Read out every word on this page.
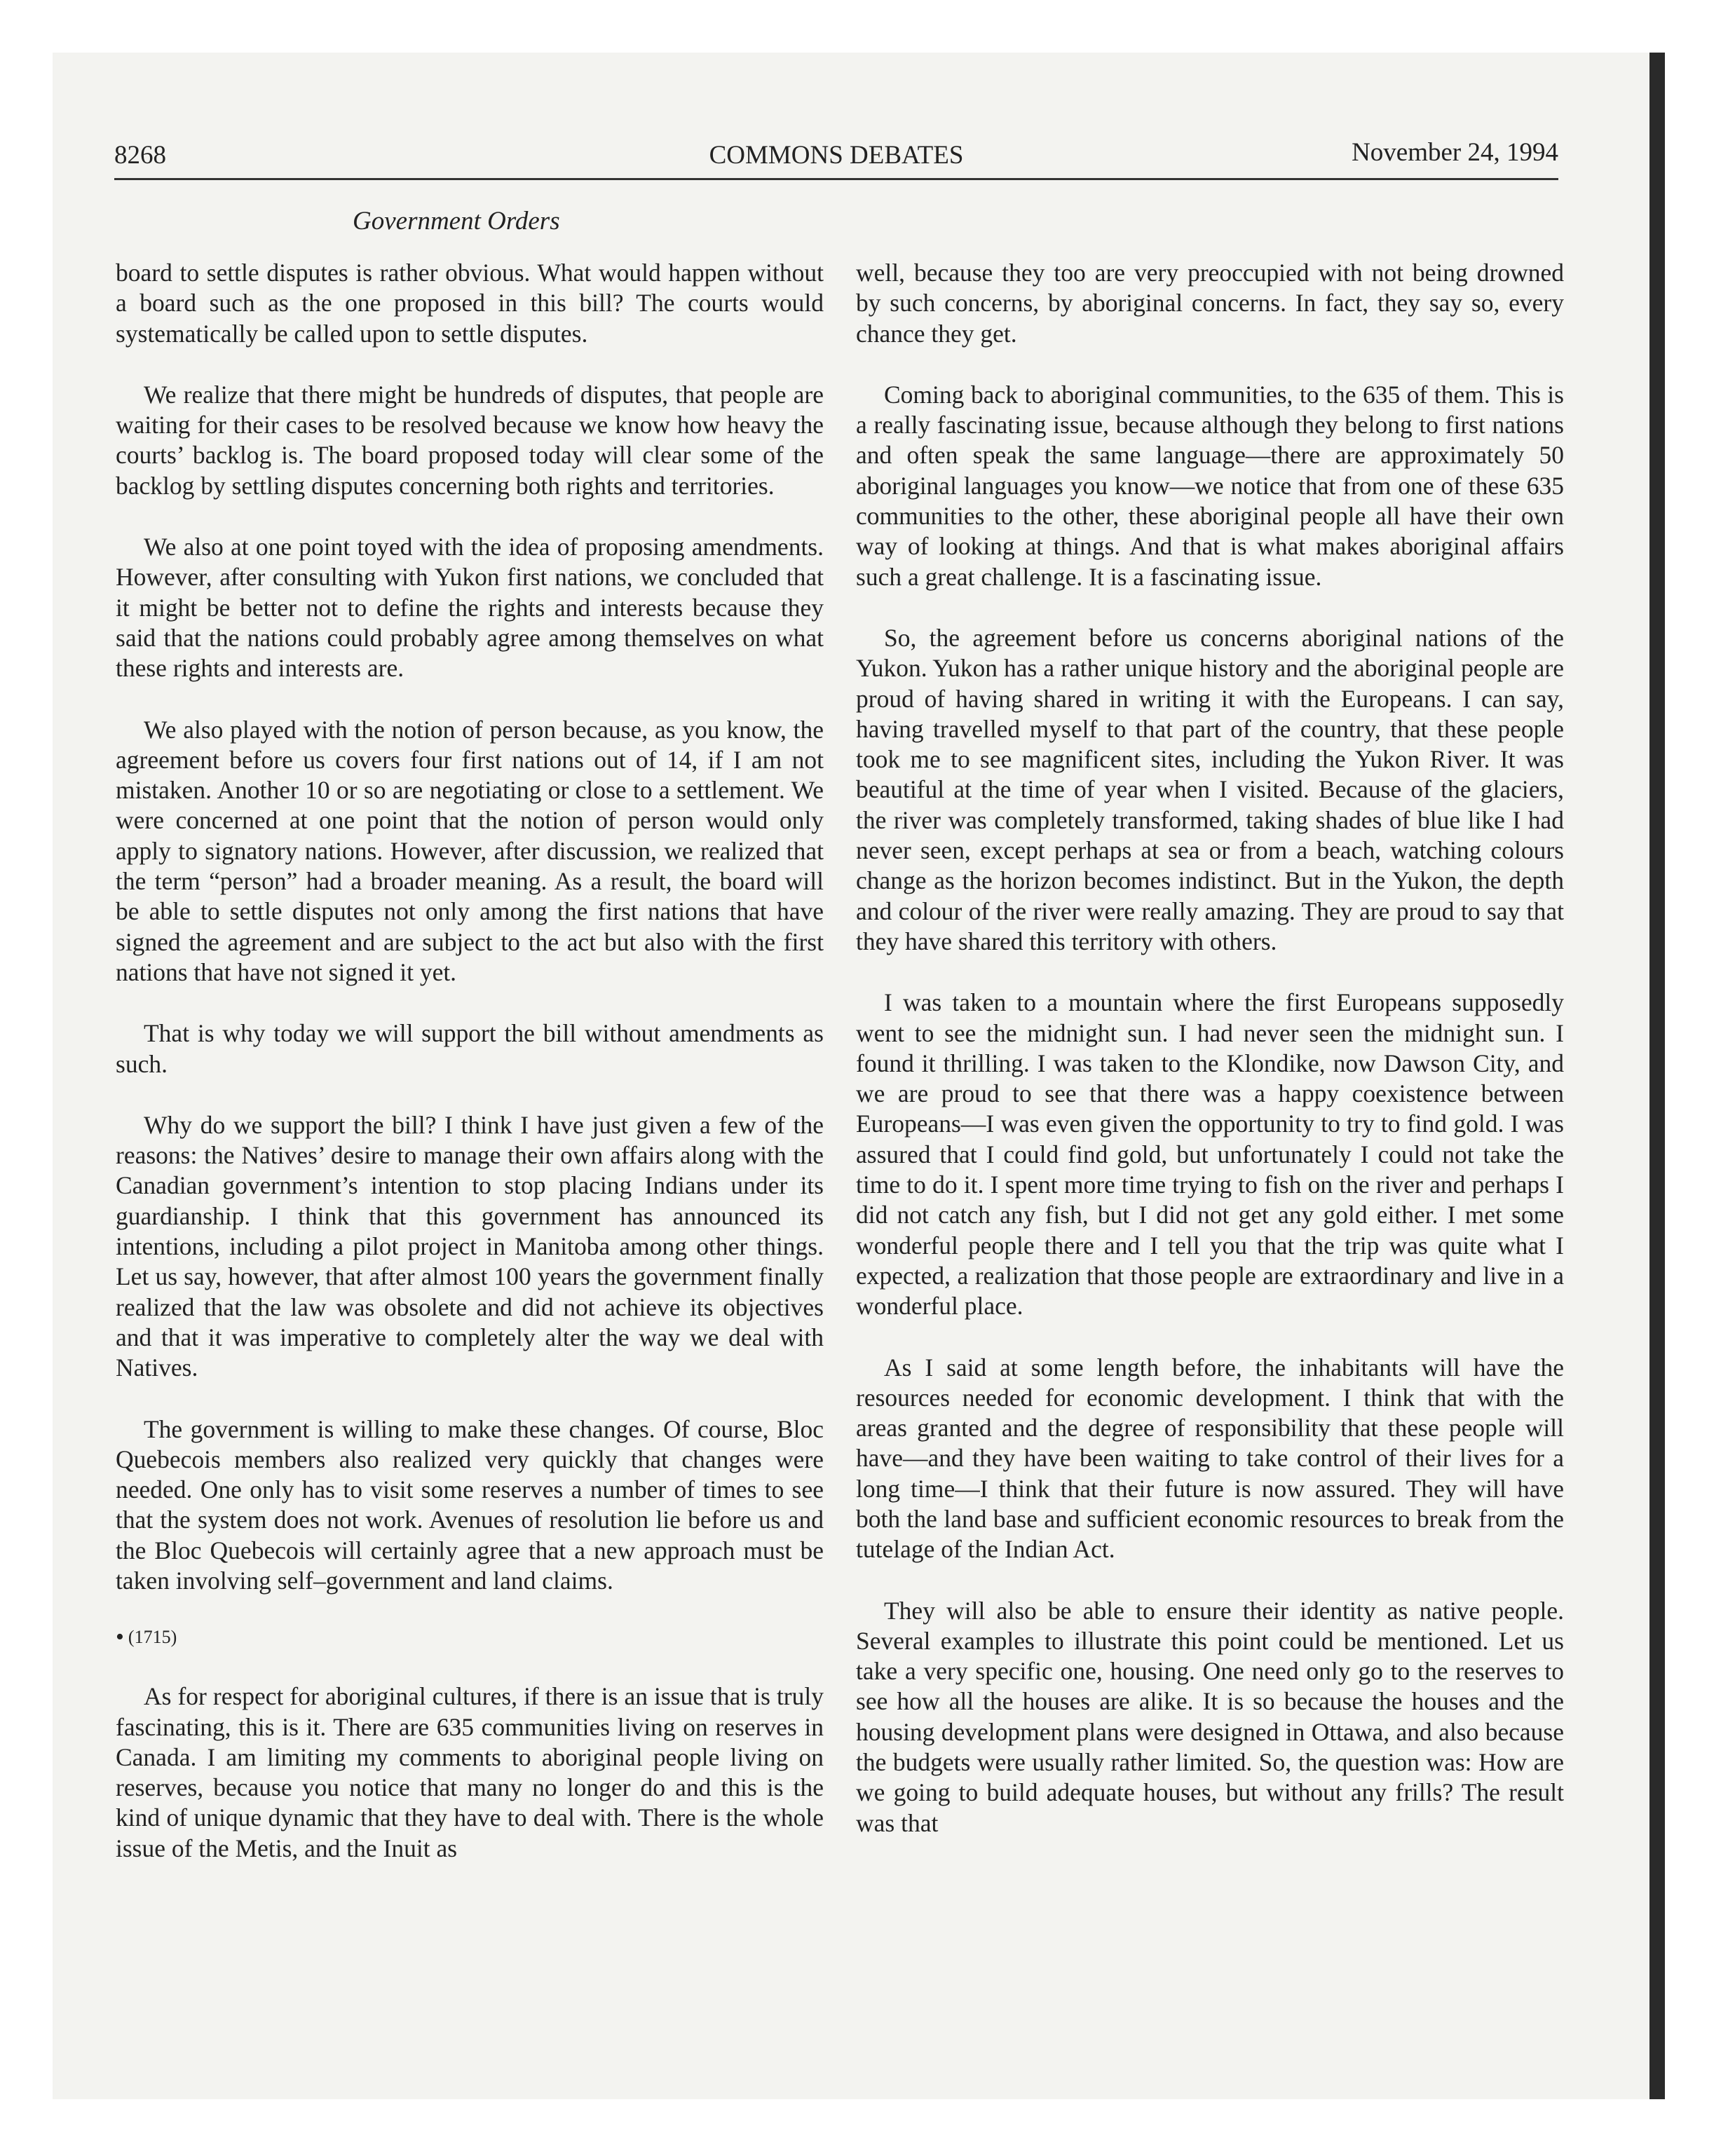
8268	COMMONS DEBATES	November 24, 1994
Government Orders

board to settle disputes is rather obvious. What would happen without a board such as the one proposed in this bill? The courts would systematically be called upon to settle disputes.

We realize that there might be hundreds of disputes, that people are waiting for their cases to be resolved because we know how heavy the courts’ backlog is. The board proposed today will clear some of the backlog by settling disputes concerning both rights and territories.

We also at one point toyed with the idea of proposing amendments. However, after consulting with Yukon first nations, we concluded that it might be better not to define the rights and interests because they said that the nations could probably agree among themselves on what these rights and interests are.

We also played with the notion of person because, as you know, the agreement before us covers four first nations out of 14, if I am not mistaken. Another 10 or so are negotiating or close to a settlement. We were concerned at one point that the notion of person would only apply to signatory nations. However, after discussion, we realized that the term “person” had a broader meaning. As a result, the board will be able to settle disputes not only among the first nations that have signed the agreement and are subject to the act but also with the first nations that have not signed it yet.

That is why today we will support the bill without amendments as such.

Why do we support the bill? I think I have just given a few of the reasons: the Natives’ desire to manage their own affairs along with the Canadian government’s intention to stop placing Indians under its guardianship. I think that this government has announced its intentions, including a pilot project in Manitoba among other things. Let us say, however, that after almost 100 years the government finally realized that the law was obsolete and did not achieve its objectives and that it was imperative to completely alter the way we deal with Natives.

The government is willing to make these changes. Of course, Bloc Quebecois members also realized very quickly that changes were needed. One only has to visit some reserves a number of times to see that the system does not work. Avenues of resolution lie before us and the Bloc Quebecois will certainly agree that a new approach must be taken involving self–government and land claims.

• (1715)

As for respect for aboriginal cultures, if there is an issue that is truly fascinating, this is it. There are 635 communities living on reserves in Canada. I am limiting my comments to aboriginal people living on reserves, because you notice that many no longer do and this is the kind of unique dynamic that they have to deal with. There is the whole issue of the Metis, and the Inuit as

well, because they too are very preoccupied with not being drowned by such concerns, by aboriginal concerns. In fact, they say so, every chance they get.

Coming back to aboriginal communities, to the 635 of them. This is a really fascinating issue, because although they belong to first nations and often speak the same language—there are approximately 50 aboriginal languages you know—we notice that from one of these 635 communities to the other, these aboriginal people all have their own way of looking at things. And that is what makes aboriginal affairs such a great challenge. It is a fascinating issue.

So, the agreement before us concerns aboriginal nations of the Yukon. Yukon has a rather unique history and the aboriginal people are proud of having shared in writing it with the Europeans. I can say, having travelled myself to that part of the country, that these people took me to see magnificent sites, including the Yukon River. It was beautiful at the time of year when I visited. Because of the glaciers, the river was completely transformed, taking shades of blue like I had never seen, except perhaps at sea or from a beach, watching colours change as the horizon becomes indistinct. But in the Yukon, the depth and colour of the river were really amazing. They are proud to say that they have shared this territory with others.

I was taken to a mountain where the first Europeans supposedly went to see the midnight sun. I had never seen the midnight sun. I found it thrilling. I was taken to the Klondike, now Dawson City, and we are proud to see that there was a happy coexistence between Europeans—I was even given the opportunity to try to find gold. I was assured that I could find gold, but unfortunately I could not take the time to do it. I spent more time trying to fish on the river and perhaps I did not catch any fish, but I did not get any gold either. I met some wonderful people there and I tell you that the trip was quite what I expected, a realization that those people are extraordinary and live in a wonderful place.

As I said at some length before, the inhabitants will have the resources needed for economic development. I think that with the areas granted and the degree of responsibility that these people will have—and they have been waiting to take control of their lives for a long time—I think that their future is now assured. They will have both the land base and sufficient economic resources to break from the tutelage of the Indian Act.

They will also be able to ensure their identity as native people. Several examples to illustrate this point could be mentioned. Let us take a very specific one, housing. One need only go to the reserves to see how all the houses are alike. It is so because the houses and the housing development plans were designed in Ottawa, and also because the budgets were usually rather limited. So, the question was: How are we going to build adequate houses, but without any frills? The result was that
